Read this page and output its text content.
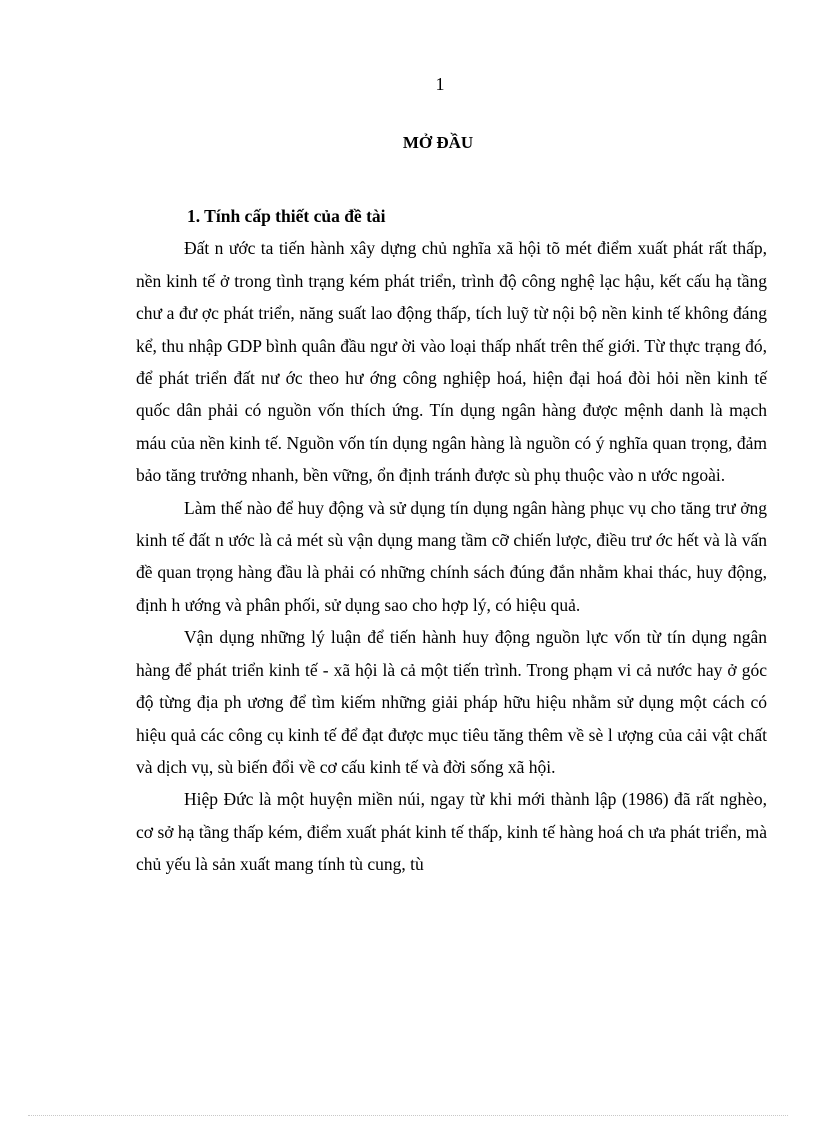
1
MỞ ĐẦU

1. Tính cấp thiết của đề tài

Đất n ước ta tiến hành xây dựng chủ nghĩa xã hội tõ mét điểm xuất phát rất thấp, nền kinh tế ở trong tình trạng kém phát triển, trình độ công nghệ lạc hậu, kết cấu hạ tầng chư a đư ợc phát triển, năng suất lao động thấp, tích luỹ từ nội bộ nền kinh tế không đáng kể, thu nhập GDP bình quân đầu ngư ời vào loại thấp nhất trên thế giới. Từ thực trạng đó, để phát triển đất nư ớc theo hư ớng công nghiệp hoá, hiện đại hoá đòi hỏi nền kinh tế quốc dân phải có nguồn vốn thích ứng. Tín dụng ngân hàng được mệnh danh là mạch máu của nền kinh tế. Nguồn vốn tín dụng ngân hàng là nguồn có ý nghĩa quan trọng, đảm bảo tăng trưởng nhanh, bền vững, ổn định tránh được sù phụ thuộc vào n ước ngoài.

Làm thế nào để huy động và sử dụng tín dụng ngân hàng phục vụ cho tăng trư ởng kinh tế đất n ước là cả mét sù vận dụng mang tầm cỡ chiến lược, điều trư ớc hết và là vấn đề quan trọng hàng đầu là phải có những chính sách đúng đắn nhằm khai thác, huy động, định h ướng và phân phối, sử dụng sao cho hợp lý, có hiệu quả.

Vận dụng những lý luận để tiến hành huy động nguồn lực vốn từ tín dụng ngân hàng để phát triển kinh tế - xã hội là cả một tiến trình. Trong phạm vi cả nước hay ở góc độ từng địa ph ương để tìm kiếm những giải pháp hữu hiệu nhằm sử dụng một cách có hiệu quả các công cụ kinh tế để đạt được mục tiêu tăng thêm về sè l ượng của cải vật chất và dịch vụ, sù biến đổi về cơ cấu kinh tế và đời sống xã hội.

Hiệp Đức là một huyện miền núi, ngay từ khi mới thành lập (1986) đã rất nghèo, cơ sở hạ tầng thấp kém, điểm xuất phát kinh tế thấp, kinh tế hàng hoá ch ưa phát triển, mà chủ yếu là sản xuất mang tính tù cung, tù
